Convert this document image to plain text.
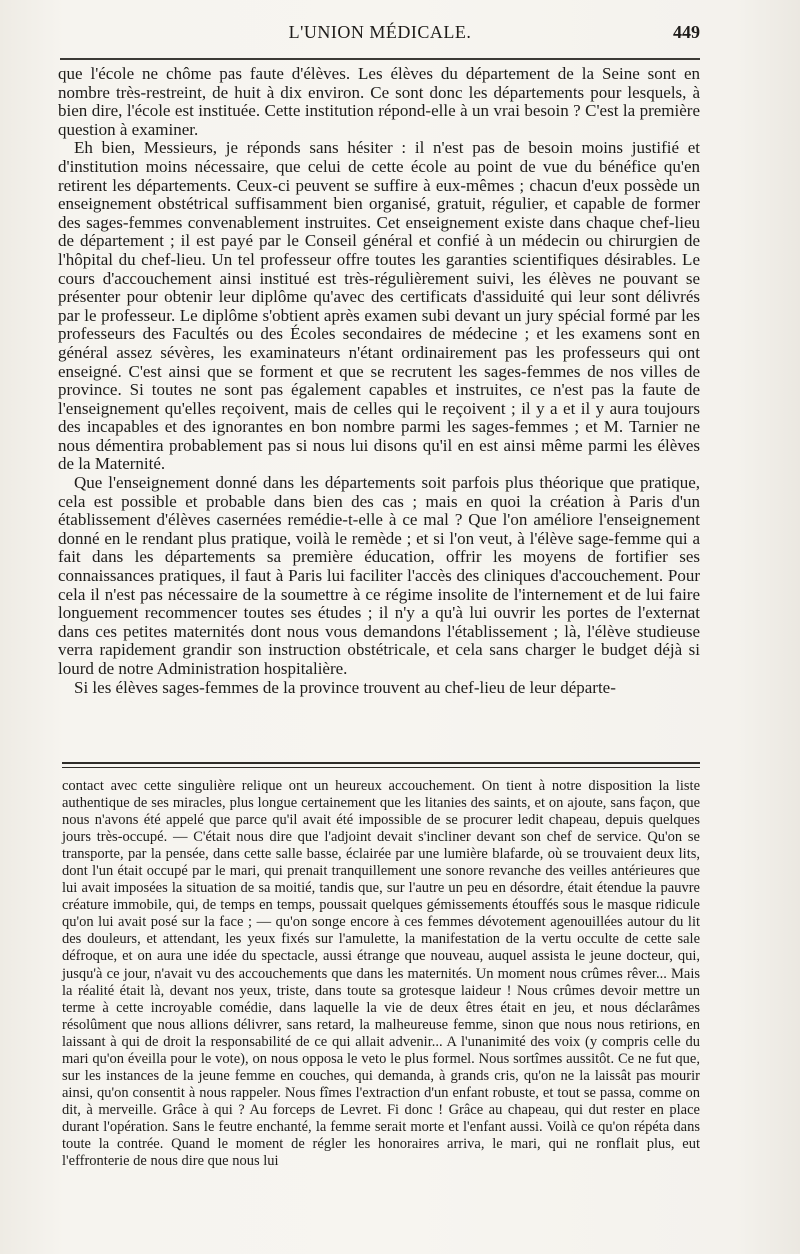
L'UNION MÉDICALE.	449

que l'école ne chôme pas faute d'élèves. Les élèves du département de la Seine sont en nombre très-restreint, de huit à dix environ. Ce sont donc les départements pour lesquels, à bien dire, l'école est instituée. Cette institution répond-elle à un vrai besoin ? C'est la première question à examiner.

Eh bien, Messieurs, je réponds sans hésiter : il n'est pas de besoin moins justifié et d'institution moins nécessaire, que celui de cette école au point de vue du bénéfice qu'en retirent les départements. Ceux-ci peuvent se suffire à eux-mêmes ; chacun d'eux possède un enseignement obstétrical suffisamment bien organisé, gratuit, régulier, et capable de former des sages-femmes convenablement instruites. Cet enseignement existe dans chaque chef-lieu de département ; il est payé par le Conseil général et confié à un médecin ou chirurgien de l'hôpital du chef-lieu. Un tel professeur offre toutes les garanties scientifiques désirables. Le cours d'accouchement ainsi institué est très-régulièrement suivi, les élèves ne pouvant se présenter pour obtenir leur diplôme qu'avec des certificats d'assiduité qui leur sont délivrés par le professeur. Le diplôme s'obtient après examen subi devant un jury spécial formé par les professeurs des Facultés ou des Écoles secondaires de médecine ; et les examens sont en général assez sévères, les examinateurs n'étant ordinairement pas les professeurs qui ont enseigné. C'est ainsi que se forment et que se recrutent les sages-femmes de nos villes de province. Si toutes ne sont pas également capables et instruites, ce n'est pas la faute de l'enseignement qu'elles reçoivent, mais de celles qui le reçoivent ; il y a et il y aura toujours des incapables et des ignorantes en bon nombre parmi les sages-femmes ; et M. Tarnier ne nous démentira probablement pas si nous lui disons qu'il en est ainsi même parmi les élèves de la Maternité.

Que l'enseignement donné dans les départements soit parfois plus théorique que pratique, cela est possible et probable dans bien des cas ; mais en quoi la création à Paris d'un établissement d'élèves casernées remédie-t-elle à ce mal ? Que l'on améliore l'enseignement donné en le rendant plus pratique, voilà le remède ; et si l'on veut, à l'élève sage-femme qui a fait dans les départements sa première éducation, offrir les moyens de fortifier ses connaissances pratiques, il faut à Paris lui faciliter l'accès des cliniques d'accouchement. Pour cela il n'est pas nécessaire de la soumettre à ce régime insolite de l'internement et de lui faire longuement recommencer toutes ses études ; il n'y a qu'à lui ouvrir les portes de l'externat dans ces petites maternités dont nous vous demandons l'établissement ; là, l'élève studieuse verra rapidement grandir son instruction obstétricale, et cela sans charger le budget déjà si lourd de notre Administration hospitalière.

Si les élèves sages-femmes de la province trouvent au chef-lieu de leur départe-

contact avec cette singulière relique ont un heureux accouchement. On tient à notre disposition la liste authentique de ses miracles, plus longue certainement que les litanies des saints, et on ajoute, sans façon, que nous n'avons été appelé que parce qu'il avait été impossible de se procurer ledit chapeau, depuis quelques jours très-occupé. — C'était nous dire que l'adjoint devait s'incliner devant son chef de service. Qu'on se transporte, par la pensée, dans cette salle basse, éclairée par une lumière blafarde, où se trouvaient deux lits, dont l'un était occupé par le mari, qui prenait tranquillement une sonore revanche des veilles antérieures que lui avait imposées la situation de sa moitié, tandis que, sur l'autre un peu en désordre, était étendue la pauvre créature immobile, qui, de temps en temps, poussait quelques gémissements étouffés sous le masque ridicule qu'on lui avait posé sur la face ; — qu'on songe encore à ces femmes dévotement agenouillées autour du lit des douleurs, et attendant, les yeux fixés sur l'amulette, la manifestation de la vertu occulte de cette sale défroque, et on aura une idée du spectacle, aussi étrange que nouveau, auquel assista le jeune docteur, qui, jusqu'à ce jour, n'avait vu des accouchements que dans les maternités. Un moment nous crûmes rêver... Mais la réalité était là, devant nos yeux, triste, dans toute sa grotesque laideur ! Nous crûmes devoir mettre un terme à cette incroyable comédie, dans laquelle la vie de deux êtres était en jeu, et nous déclarâmes résolûment que nous allions délivrer, sans retard, la malheureuse femme, sinon que nous nous retirions, en laissant à qui de droit la responsabilité de ce qui allait advenir... A l'unanimité des voix (y compris celle du mari qu'on éveilla pour le vote), on nous opposa le veto le plus formel. Nous sortîmes aussitôt. Ce ne fut que, sur les instances de la jeune femme en couches, qui demanda, à grands cris, qu'on ne la laissât pas mourir ainsi, qu'on consentit à nous rappeler. Nous fîmes l'extraction d'un enfant robuste, et tout se passa, comme on dit, à merveille. Grâce à qui ? Au forceps de Levret. Fi donc ! Grâce au chapeau, qui dut rester en place durant l'opération. Sans le feutre enchanté, la femme serait morte et l'enfant aussi. Voilà ce qu'on répéta dans toute la contrée. Quand le moment de régler les honoraires arriva, le mari, qui ne ronflait plus, eut l'effronterie de nous dire que nous lui
